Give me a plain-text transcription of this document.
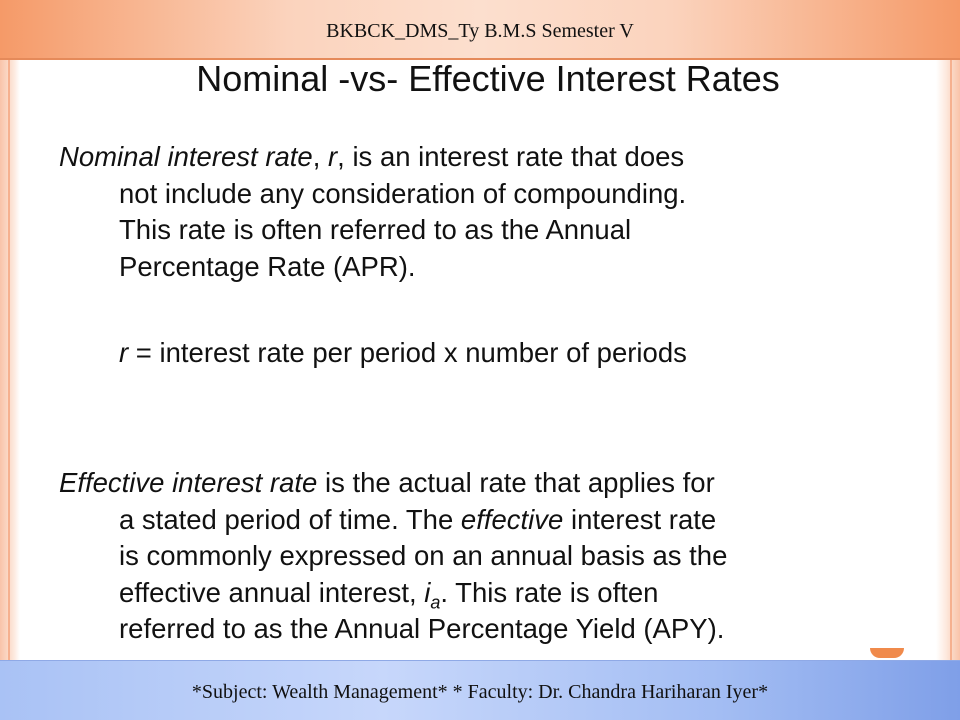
BKBCK_DMS_Ty B.M.S Semester V
Nominal -vs- Effective Interest Rates
Nominal interest rate, r, is an interest rate that does
not include any consideration of compounding.
This rate is often referred to as the Annual
Percentage Rate (APR).
r = interest rate per period x number of periods
Effective interest rate is the actual rate that applies for
a stated period of time. The effective interest rate
is commonly expressed on an annual basis as the
effective annual interest, $i_a$. This rate is often
referred to as the Annual Percentage Yield (APY).
*Subject: Wealth Management* * Faculty: Dr. Chandra Hariharan Iyer*
